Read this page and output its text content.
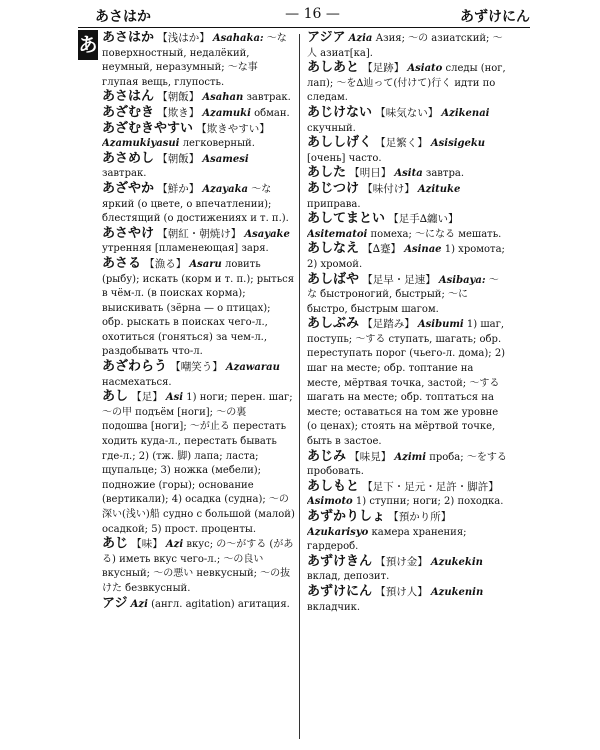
あさはか	— 16 —	あずけにん
あ あさはか 【浅はか】 Asahaka: 〜な поверхностный, недалёкий, неумный, неразумный; 〜な事 глупая вещь, глупость.

あさはん 【朝飯】 Asahan завтрак.

あざむき 【欺き】 Azamuki обман.

あざむきやすい 【欺きやすい】 Azamukiyasui легковерный.

あさめし 【朝飯】 Asamesi завтрак.

あざやか 【鮮か】 Azayaka 〜な яркий (о цвете, о впечатлении); блестящий (о достижениях и т. п.).

あさやけ 【朝紅・朝焼け】 Asayake утренняя [пламенеющая] заря.

あさる 【漁る】 Asaru ловить (рыбу); искать (корм и т. п.); рыться в чём-л. (в поисках корма); выискивать (зёрна — о птицах); обр. рыскать в поисках чего-л., охотиться (гоняться) за чем-л., раздобывать что-л.

あざわらう 【嘲笑う】 Azawarau насмехаться.

あし 【足】 Asi 1) ноги; перен. шаг; 〜の甲 подъём [ноги]; 〜の裏 подошва [ноги]; 〜が止る перестать ходить куда-л., перестать бывать где-л.; 2) (тж. 脚) лапа; ласта; щупальце; 3) ножка (мебели); подножие (горы); основание (вертикали); 4) осадка (судна); 〜の深い(浅い)船 судно с большой (малой) осадкой; 5) прост. проценты.

あじ 【味】 Azi вкус; の〜がする (がある) иметь вкус чего-л.; 〜の良い вкусный; 〜の悪い невкусный; 〜の抜けた безвкусный.

アジ Azi (англ. agitation) агитация.

アジア Azia Азия; 〜の азиатский; 〜人 азиат[ка].

あしあと 【足跡】 Asiato следы (ног, лап); 〜を∆辿って(付けて)行く идти по следам.

あじけない 【味気ない】 Azikenai скучный.

あししげく 【足繁く】 Asisigeku [очень] часто.

あした 【明日】 Asita завтра.

あじつけ 【味付け】 Azituke приправа.

あしてまとい 【足手∆纏い】 Asitematoi помеха; 〜になる мешать.

あしなえ 【∆蹇】 Asinae 1) хромота; 2) хромой.

あしばや 【足早・足速】 Asibaya: 〜な быстроногий, быстрый; 〜に быстро, быстрым шагом.

あしぶみ 【足踏み】 Asibumi 1) шаг, поступь; 〜する ступать, шагать; обр. переступать порог (чьего-л. дома); 2) шаг на месте; обр. топтание на месте, мёртвая точка, застой; 〜する шагать на месте; обр. топтаться на месте; оставаться на том же уровне (о ценах); стоять на мёртвой точке, быть в застое.

あじみ 【味見】 Azimi проба; 〜をする пробовать.

あしもと 【足下・足元・足許・脚許】 Asimoto 1) ступни; ноги; 2) походка.

あずかりしょ 【預かり所】 Azukarisyo камера хранения; гардероб.

あずけきん 【預け金】 Azukekin вклад, депозит.

あずけにん 【預け人】 Azukenin вкладчик.
